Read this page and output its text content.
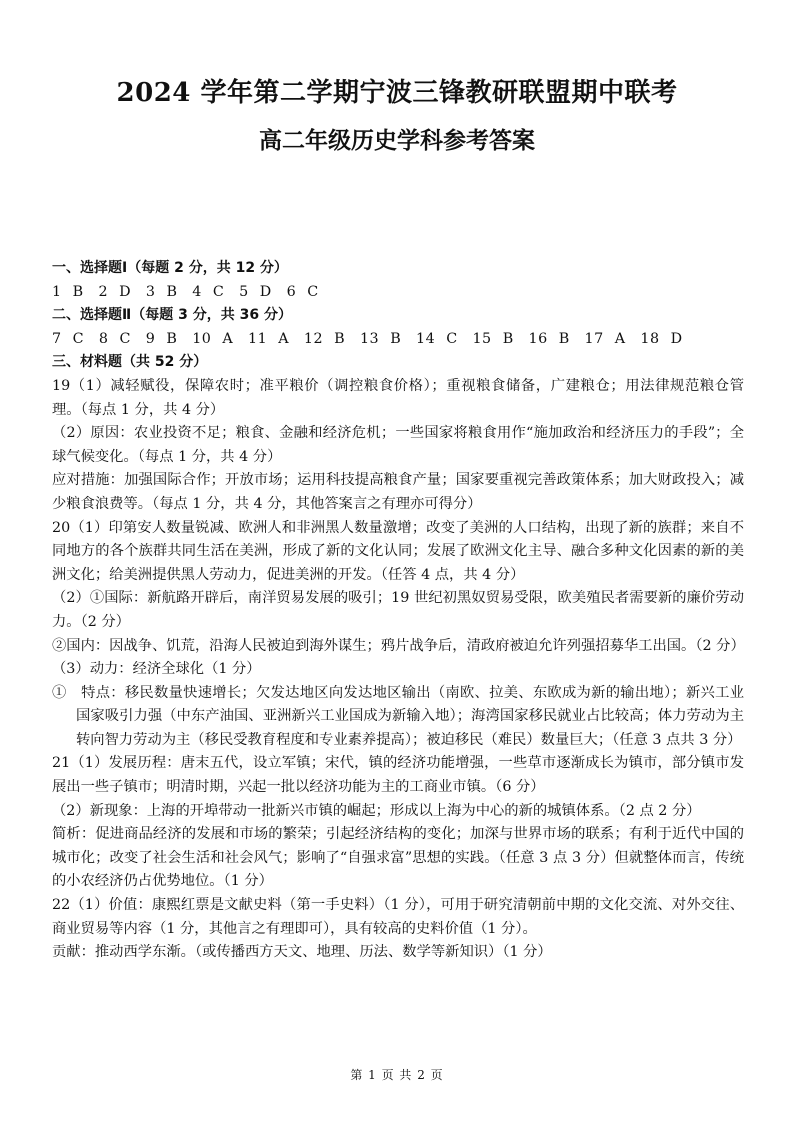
2024 学年第二学期宁波三锋教研联盟期中联考
高二年级历史学科参考答案

一、选择题Ⅰ（每题 2 分，共 12 分）

1 B　2 D　3 B　4 C　5 D　6 C

二、选择题Ⅱ（每题 3 分，共 36 分）

7 C　8 C　9 B　10 A　11 A　12 B　13 B　14 C　15 B　16 B　17 A　18 D

三、材料题（共 52 分）

19（1）减轻赋役，保障农时；准平粮价（调控粮食价格）；重视粮食储备，广建粮仓；用法律规范粮仓管理。（每点 1 分，共 4 分）

（2）原因：农业投资不足；粮食、金融和经济危机；一些国家将粮食用作“施加政治和经济压力的手段”；全球气候变化。（每点 1 分，共 4 分）

应对措施：加强国际合作；开放市场；运用科技提高粮食产量；国家要重视完善政策体系；加大财政投入；减少粮食浪费等。（每点 1 分，共 4 分，其他答案言之有理亦可得分）

20（1）印第安人数量锐减、欧洲人和非洲黑人数量激增；改变了美洲的人口结构，出现了新的族群；来自不同地方的各个族群共同生活在美洲，形成了新的文化认同；发展了欧洲文化主导、融合多种文化因素的新的美洲文化；给美洲提供黑人劳动力，促进美洲的开发。（任答 4 点，共 4 分）

（2）①国际：新航路开辟后，南洋贸易发展的吸引；19 世纪初黑奴贸易受限，欧美殖民者需要新的廉价劳动力。（2 分）

②国内：因战争、饥荒，沿海人民被迫到海外谋生；鸦片战争后，清政府被迫允许列强招募华工出国。（2 分）

（3）动力：经济全球化（1 分）

①　特点：移民数量快速增长；欠发达地区向发达地区输出（南欧、拉美、东欧成为新的输出地）；新兴工业国家吸引力强（中东产油国、亚洲新兴工业国成为新输入地）；海湾国家移民就业占比较高；体力劳动为主转向智力劳动为主（移民受教育程度和专业素养提高）；被迫移民（难民）数量巨大；（任意 3 点共 3 分）

21（1）发展历程：唐末五代，设立军镇；宋代，镇的经济功能增强，一些草市逐渐成长为镇市，部分镇市发展出一些子镇市；明清时期，兴起一批以经济功能为主的工商业市镇。（6 分）

（2）新现象：上海的开埠带动一批新兴市镇的崛起；形成以上海为中心的新的城镇体系。（2 点 2 分）

简析：促进商品经济的发展和市场的繁荣；引起经济结构的变化；加深与世界市场的联系；有利于近代中国的城市化；改变了社会生活和社会风气；影响了“自强求富”思想的实践。（任意 3 点 3 分）但就整体而言，传统的小农经济仍占优势地位。（1 分）

22（1）价值：康熙红票是文献史料（第一手史料）（1 分），可用于研究清朝前中期的文化交流、对外交往、商业贸易等内容（1 分，其他言之有理即可），具有较高的史料价值（1 分）。

贡献：推动西学东渐。（或传播西方天文、地理、历法、数学等新知识）（1 分）

第 1 页 共 2 页
